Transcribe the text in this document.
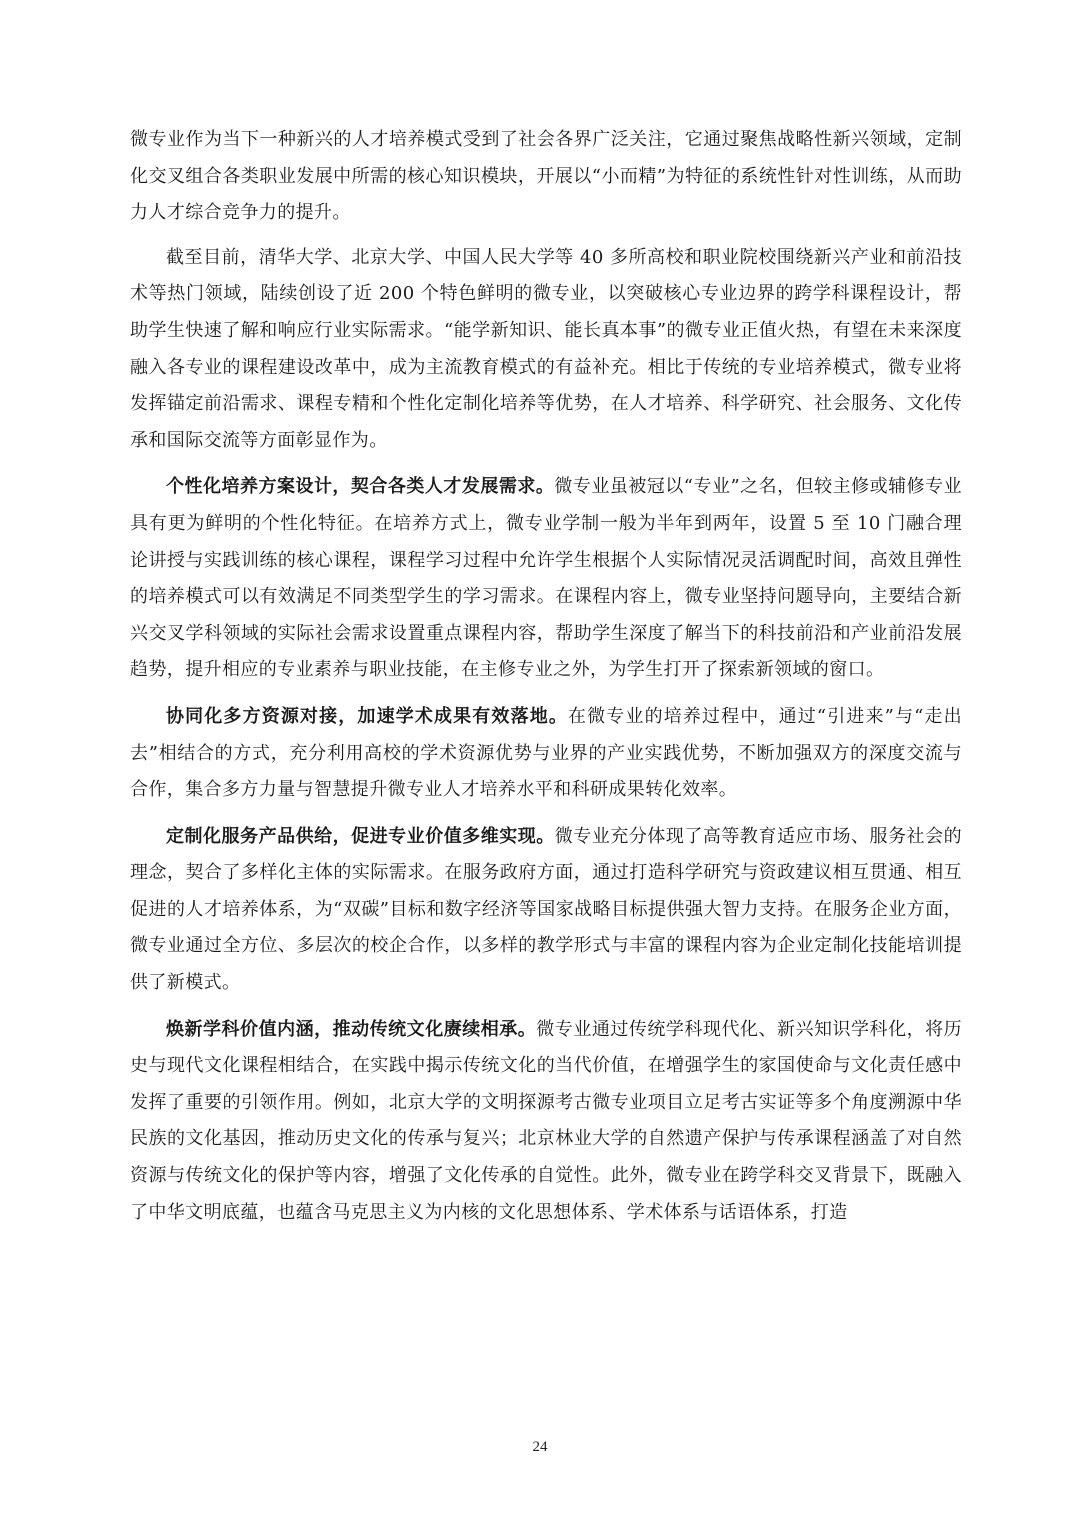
微专业作为当下一种新兴的人才培养模式受到了社会各界广泛关注，它通过聚焦战略性新兴领域，定制化交叉组合各类职业发展中所需的核心知识模块，开展以“小而精”为特征的系统性针对性训练，从而助力人才综合竞争力的提升。

截至目前，清华大学、北京大学、中国人民大学等 40 多所高校和职业院校围绕新兴产业和前沿技术等热门领域，陆续创设了近 200 个特色鲜明的微专业，以突破核心专业边界的跨学科课程设计，帮助学生快速了解和响应行业实际需求。“能学新知识、能长真本事”的微专业正值火热，有望在未来深度融入各专业的课程建设改革中，成为主流教育模式的有益补充。相比于传统的专业培养模式，微专业将发挥锚定前沿需求、课程专精和个性化定制化培养等优势，在人才培养、科学研究、社会服务、文化传承和国际交流等方面彰显作为。

个性化培养方案设计，契合各类人才发展需求。微专业虽被冠以“专业”之名，但较主修或辅修专业具有更为鲜明的个性化特征。在培养方式上，微专业学制一般为半年到两年，设置 5 至 10 门融合理论讲授与实践训练的核心课程，课程学习过程中允许学生根据个人实际情况灵活调配时间，高效且弹性的培养模式可以有效满足不同类型学生的学习需求。在课程内容上，微专业坚持问题导向，主要结合新兴交叉学科领域的实际社会需求设置重点课程内容，帮助学生深度了解当下的科技前沿和产业前沿发展趋势，提升相应的专业素养与职业技能，在主修专业之外，为学生打开了探索新领域的窗口。

协同化多方资源对接，加速学术成果有效落地。在微专业的培养过程中，通过“引进来”与“走出去”相结合的方式，充分利用高校的学术资源优势与业界的产业实践优势，不断加强双方的深度交流与合作，集合多方力量与智慧提升微专业人才培养水平和科研成果转化效率。

定制化服务产品供给，促进专业价值多维实现。微专业充分体现了高等教育适应市场、服务社会的理念，契合了多样化主体的实际需求。在服务政府方面，通过打造科学研究与资政建议相互贯通、相互促进的人才培养体系，为“双碳”目标和数字经济等国家战略目标提供强大智力支持。在服务企业方面，微专业通过全方位、多层次的校企合作，以多样的教学形式与丰富的课程内容为企业定制化技能培训提供了新模式。

焕新学科价值内涵，推动传统文化赓续相承。微专业通过传统学科现代化、新兴知识学科化，将历史与现代文化课程相结合，在实践中揭示传统文化的当代价值，在增强学生的家国使命与文化责任感中发挥了重要的引领作用。例如，北京大学的文明探源考古微专业项目立足考古实证等多个角度溯源中华民族的文化基因，推动历史文化的传承与复兴；北京林业大学的自然遗产保护与传承课程涵盖了对自然资源与传统文化的保护等内容，增强了文化传承的自觉性。此外，微专业在跨学科交叉背景下，既融入了中华文明底蕴，也蕴含马克思主义为内核的文化思想体系、学术体系与话语体系，打造

24
